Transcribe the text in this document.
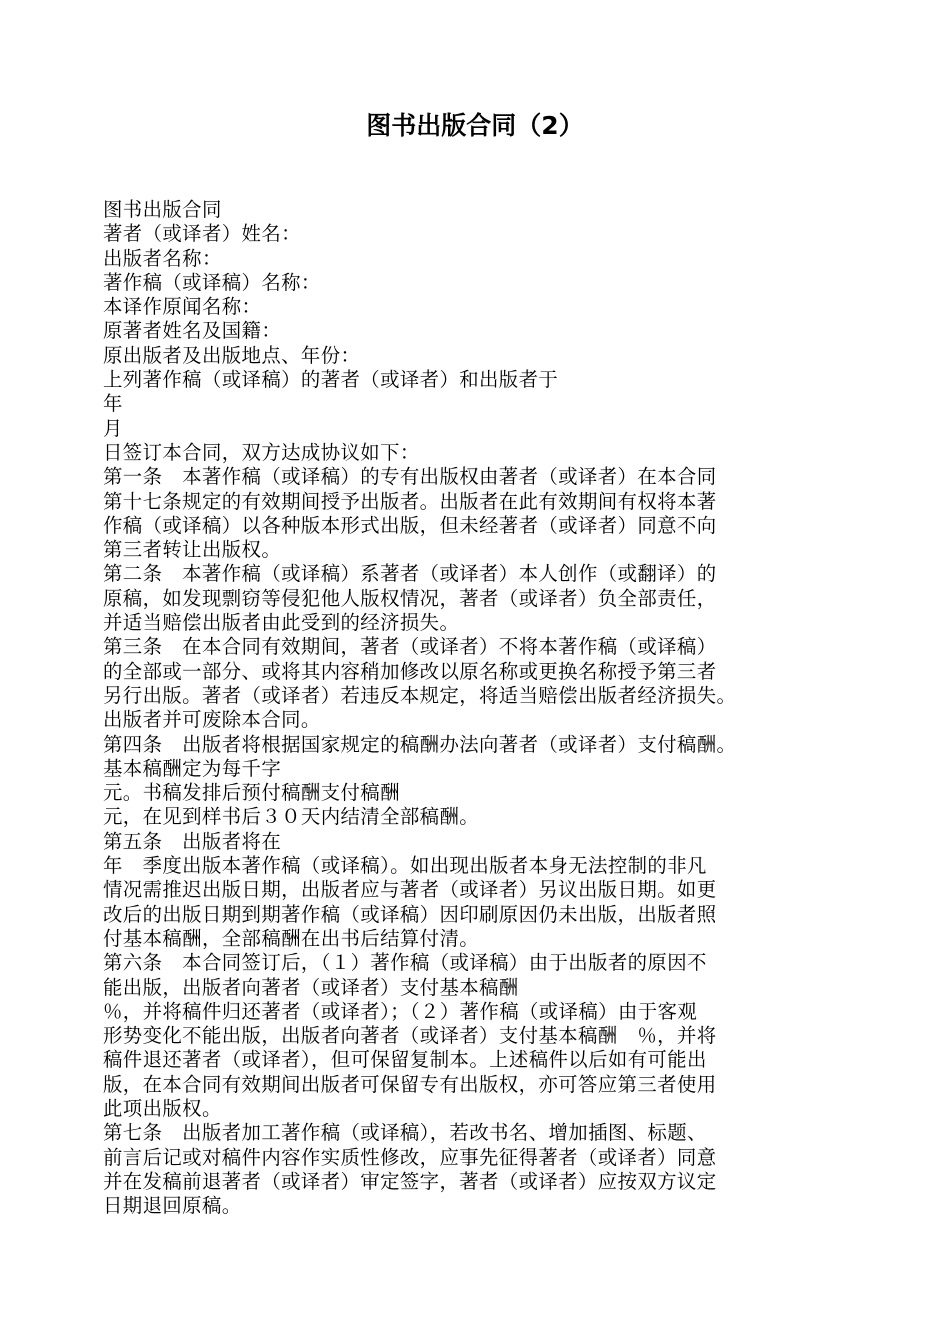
图书出版合同（2）
图书出版合同
著者（或译者）姓名：
出版者名称：
著作稿（或译稿）名称：
本译作原闻名称：
原著者姓名及国籍：
原出版者及出版地点、年份：
上列著作稿（或译稿）的著者（或译者）和出版者于
年
月
日签订本合同，双方达成协议如下：
第一条　本著作稿（或译稿）的专有出版权由著者（或译者）在本合同
第十七条规定的有效期间授予出版者。出版者在此有效期间有权将本著
作稿（或译稿）以各种版本形式出版，但未经著者（或译者）同意不向
第三者转让出版权。
第二条　本著作稿（或译稿）系著者（或译者）本人创作（或翻译）的
原稿，如发现剽窃等侵犯他人版权情况，著者（或译者）负全部责任，
并适当赔偿出版者由此受到的经济损失。
第三条　在本合同有效期间，著者（或译者）不将本著作稿（或译稿）
的全部或一部分、或将其内容稍加修改以原名称或更换名称授予第三者
另行出版。著者（或译者）若违反本规定，将适当赔偿出版者经济损失。
出版者并可废除本合同。
第四条　出版者将根据国家规定的稿酬办法向著者（或译者）支付稿酬。
基本稿酬定为每千字
元。书稿发排后预付稿酬支付稿酬
元，在见到样书后３０天内结清全部稿酬。
第五条　出版者将在
年　季度出版本著作稿（或译稿）。如出现出版者本身无法控制的非凡
情况需推迟出版日期，出版者应与著者（或译者）另议出版日期。如更
改后的出版日期到期著作稿（或译稿）因印刷原因仍未出版，出版者照
付基本稿酬，全部稿酬在出书后结算付清。
第六条　本合同签订后，（１）著作稿（或译稿）由于出版者的原因不
能出版，出版者向著者（或译者）支付基本稿酬
％，并将稿件归还著者（或译者）；（２）著作稿（或译稿）由于客观
形势变化不能出版，出版者向著者（或译者）支付基本稿酬　％，并将
稿件退还著者（或译者），但可保留复制本。上述稿件以后如有可能出
版，在本合同有效期间出版者可保留专有出版权，亦可答应第三者使用
此项出版权。
第七条　出版者加工著作稿（或译稿），若改书名、增加插图、标题、
前言后记或对稿件内容作实质性修改，应事先征得著者（或译者）同意
并在发稿前退著者（或译者）审定签字，著者（或译者）应按双方议定
日期退回原稿。
